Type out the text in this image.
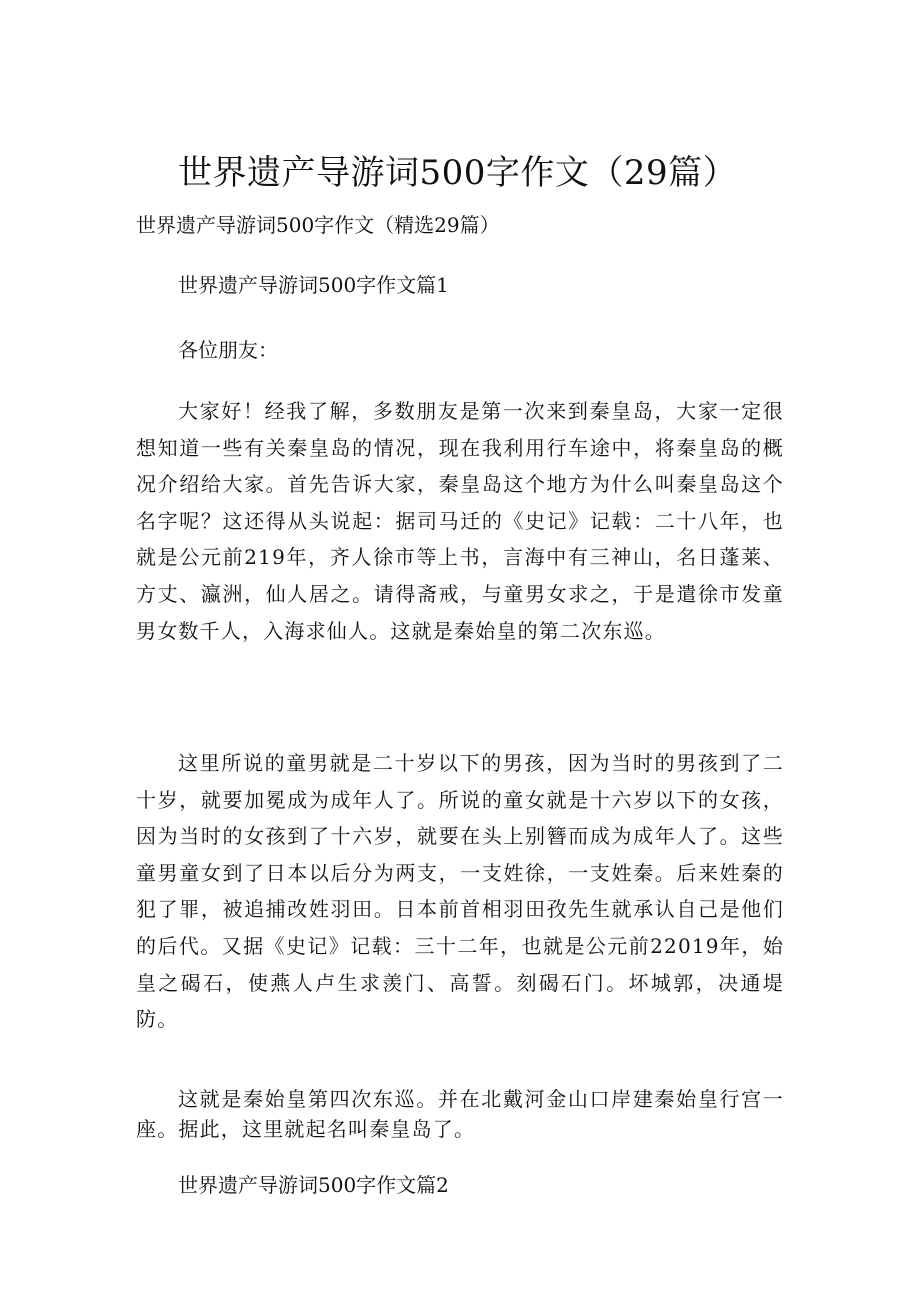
世界遗产导游词500字作文（29篇）
世界遗产导游词500字作文（精选29篇）
世界遗产导游词500字作文篇1
各位朋友：

大家好！经我了解，多数朋友是第一次来到秦皇岛，大家一定很想知道一些有关秦皇岛的情况，现在我利用行车途中，将秦皇岛的概况介绍给大家。首先告诉大家，秦皇岛这个地方为什么叫秦皇岛这个名字呢？这还得从头说起：据司马迁的《史记》记载：二十八年，也就是公元前219年，齐人徐市等上书，言海中有三神山，名日蓬莱、方丈、瀛洲，仙人居之。请得斋戒，与童男女求之，于是遣徐市发童男女数千人，入海求仙人。这就是秦始皇的第二次东巡。

这里所说的童男就是二十岁以下的男孩，因为当时的男孩到了二十岁，就要加冕成为成年人了。所说的童女就是十六岁以下的女孩，因为当时的女孩到了十六岁，就要在头上别簪而成为成年人了。这些童男童女到了日本以后分为两支，一支姓徐，一支姓秦。后来姓秦的犯了罪，被追捕改姓羽田。日本前首相羽田孜先生就承认自己是他们的后代。又据《史记》记载：三十二年，也就是公元前22019年，始皇之碣石，使燕人卢生求羡门、高誓。刻碣石门。坏城郭，决通堤防。

这就是秦始皇第四次东巡。并在北戴河金山口岸建秦始皇行宫一座。据此，这里就起名叫秦皇岛了。

世界遗产导游词500字作文篇2
